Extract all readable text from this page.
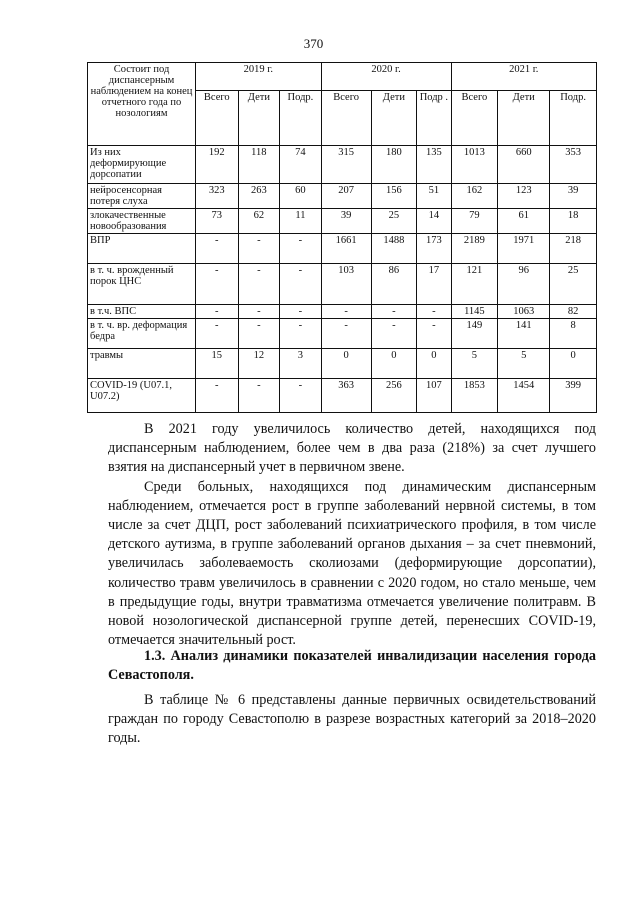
370
Состоит под диспансерным наблюдением на конец отчетного года по нозологиям	2019 г.			2020 г.			2021 г.		
	Всего	Дети	Подр.	Всего	Дети	Подр .	Всего	Дети	Подр.
Из них деформирующие дорсопатии	192	118	74	315	180	135	1013	660	353
нейросенсорная потеря слуха	323	263	60	207	156	51	162	123	39
злокачественные новообразования	73	62	11	39	25	14	79	61	18
ВПР	-	-	-	1661	1488	173	2189	1971	218
в т. ч. врожденный порок ЦНС	-	-	-	103	86	17	121	96	25
в т.ч. ВПС	-	-	-	-	-	-	1145	1063	82
в т. ч. вр. деформация бедра	-	-	-	-	-	-	149	141	8
травмы	15	12	3	0	0	0	5	5	0
COVID-19 (U07.1, U07.2)	-	-	-	363	256	107	1853	1454	399

В 2021 году увеличилось количество детей, находящихся под диспансерным наблюдением, более чем в два раза (218%) за счет лучшего взятия на диспансерный учет в первичном звене.

Среди больных, находящихся под динамическим диспансерным наблюдением, отмечается рост в группе заболеваний нервной системы, в том числе за счет ДЦП, рост заболеваний психиатрического профиля, в том числе детского аутизма, в группе заболеваний органов дыхания – за счет пневмоний, увеличилась заболеваемость сколиозами (деформирующие дорсопатии), количество травм увеличилось в сравнении с 2020 годом, но стало меньше, чем в предыдущие годы, внутри травматизма отмечается увеличение политравм. В новой нозологической диспансерной группе детей, перенесших COVID-19, отмечается значительный рост.

1.3. Анализ динамики показателей инвалидизации населения города Севастополя.

В таблице № 6 представлены данные первичных освидетельствований граждан по городу Севастополю в разрезе возрастных категорий за 2018–2020 годы.
